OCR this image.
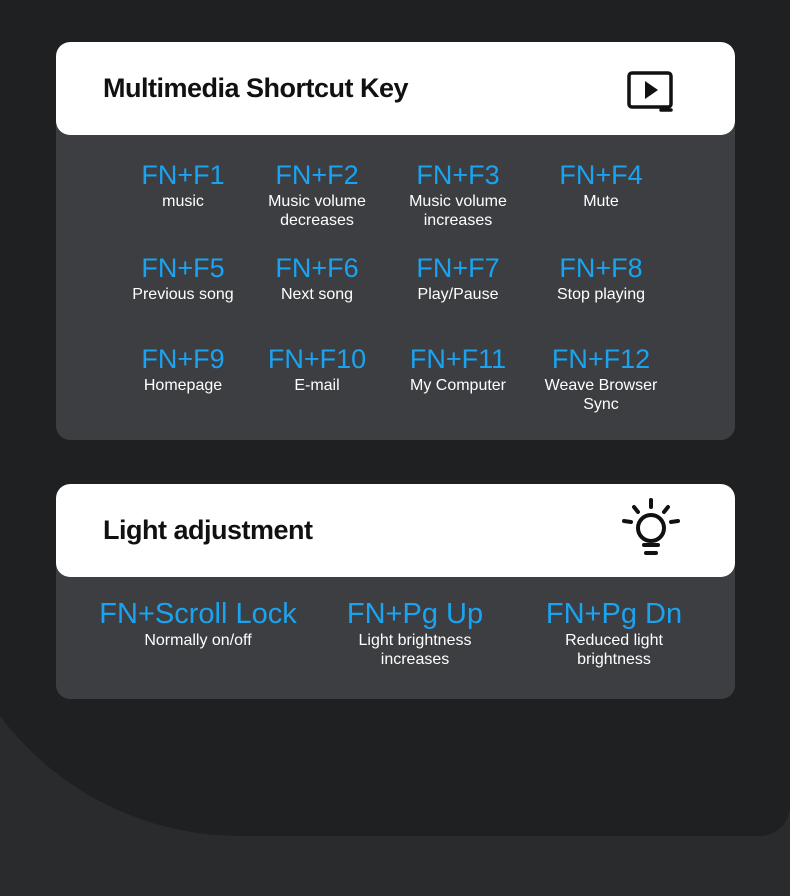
Multimedia Shortcut Key
FN+F1
music
FN+F2
Music volume
decreases
FN+F3
Music volume
increases
FN+F4
Mute
FN+F5
Previous song
FN+F6
Next song
FN+F7
Play/Pause
FN+F8
Stop playing
FN+F9
Homepage
FN+F10
E-mail
FN+F11
My Computer
FN+F12
Weave Browser
Sync
Light adjustment
FN+Scroll Lock
Normally on/off
FN+Pg Up
Light brightness
increases
FN+Pg Dn
Reduced light
brightness
